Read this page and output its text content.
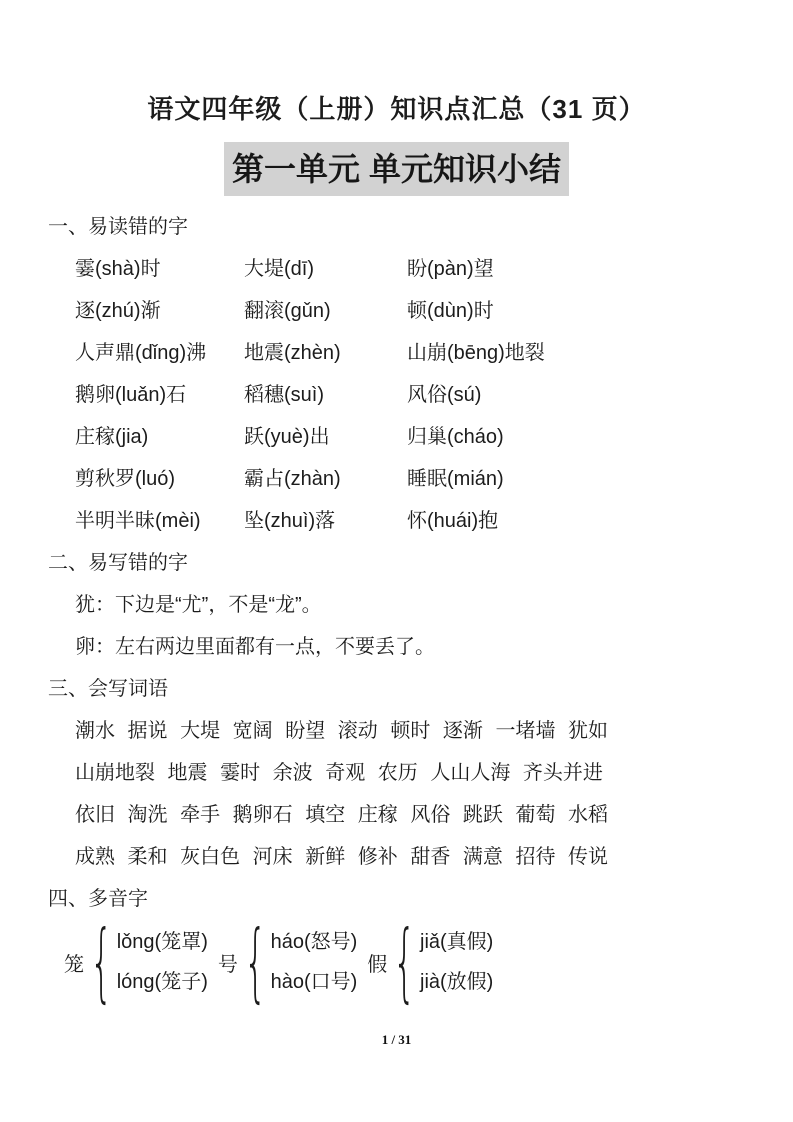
语文四年级（上册）知识点汇总（31 页）
第一单元 单元知识小结
一、易读错的字
霎(shà)时	大堤(dī)	盼(pàn)望
逐(zhú)渐	翻滚(gǔn)	顿(dùn)时
人声鼎(dǐng)沸	地震(zhèn)	山崩(bēng)地裂
鹅卵(luǎn)石	稻穗(suì)	风俗(sú)
庄稼(jia)	跃(yuè)出	归巢(cháo)
剪秋罗(luó)	霸占(zhàn)	睡眠(mián)
半明半昧(mèi)	坠(zhuì)落	怀(huái)抱
二、易写错的字
犹：下边是“尤”，不是“龙”。
卵：左右两边里面都有一点，不要丢了。
三、会写词语
潮水 据说 大堤 宽阔 盼望 滚动 顿时 逐渐 一堵墙 犹如
山崩地裂 地震 霎时 余波 奇观 农历 人山人海 齐头并进
依旧 淘洗 牵手 鹅卵石 填空 庄稼 风俗 跳跃 葡萄 水稻
成熟 柔和 灰白色 河床 新鲜 修补 甜香 满意 招待 传说
四、多音字
笼 { lǒng(笼罩)
lóng(笼子)
号 { háo(怒号)
hào(口号)
假 { jiǎ(真假)
jià(放假)
1 / 31
